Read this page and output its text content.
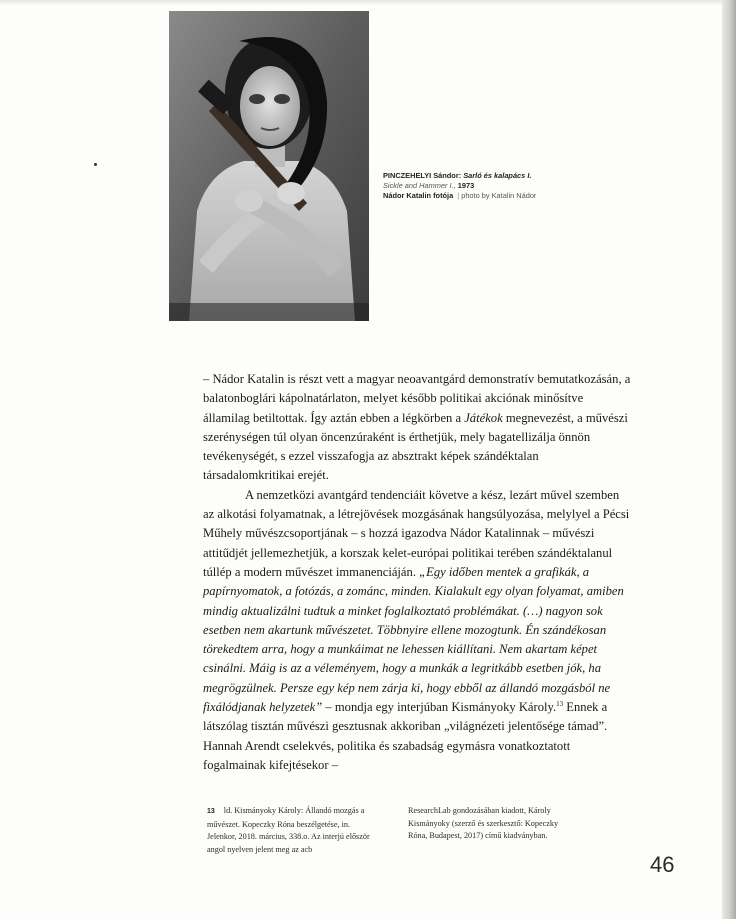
PINCZEHELYI Sándor: Sarló és kalapács I.
Sickle and Hammer I., 1973
Nádor Katalin fotója | photo by Katalin Nádor

– Nádor Katalin is részt vett a magyar neoavantgárd demonstratív bemutatkozásán, a balatonboglári kápolnatárlaton, melyet később politikai akciónak minősítve államilag betiltottak. Így aztán ebben a légkörben a Játékok megnevezést, a művészi szerénységen túl olyan öncenzúraként is érthetjük, mely bagatellizálja önnön tevékenységét, s ezzel visszafogja az absztrakt képek szándéktalan társadalomkritikai erejét.

A nemzetközi avantgárd tendenciáit követve a kész, lezárt művel szemben az alkotási folyamatnak, a létrejövések mozgásának hangsúlyozása, melylyel a Pécsi Műhely művészcsoportjának – s hozzá igazodva Nádor Katalinnak – művészi attitűdjét jellemezhetjük, a korszak kelet-európai politikai terében szándéktalanul túllép a modern művészet immanenciáján. „Egy időben mentek a grafikák, a papírnyomatok, a fotózás, a zománc, minden. Kialakult egy olyan folyamat, amiben mindig aktualizálni tudtuk a minket foglalkoztató problémákat. (…) nagyon sok esetben nem akartunk művészetet. Többnyire ellene mozogtunk. Én szándékosan törekedtem arra, hogy a munkáimat ne lehessen kiállítani. Nem akartam képet csinálni. Máig is az a véleményem, hogy a munkák a legritkább esetben jók, ha megrögzülnek. Persze egy kép nem zárja ki, hogy ebből az állandó mozgásból ne fixálódjanak helyzetek” – mondja egy interjúban Kismányoky Károly.$^{13}$ Ennek a látszólag tisztán művészi gesztusnak akkoriban „világnézeti jelentősége támad”. Hannah Arendt cselekvés, politika és szabadság egymásra vonatkoztatott fogalmainak kifejtésekor –

13 ld. Kismányoky Károly: Állandó mozgás a művészet. Kopeczky Róna beszélgetése, in. Jelenkor, 2018. március, 338.o. Az interjú először angol nyelven jelent meg az acb
ResearchLab gondozásában kiadott, Károly Kismányoky (szerző és szerkesztő: Kopeczky Róna, Budapest, 2017) című kiadványban.
46
